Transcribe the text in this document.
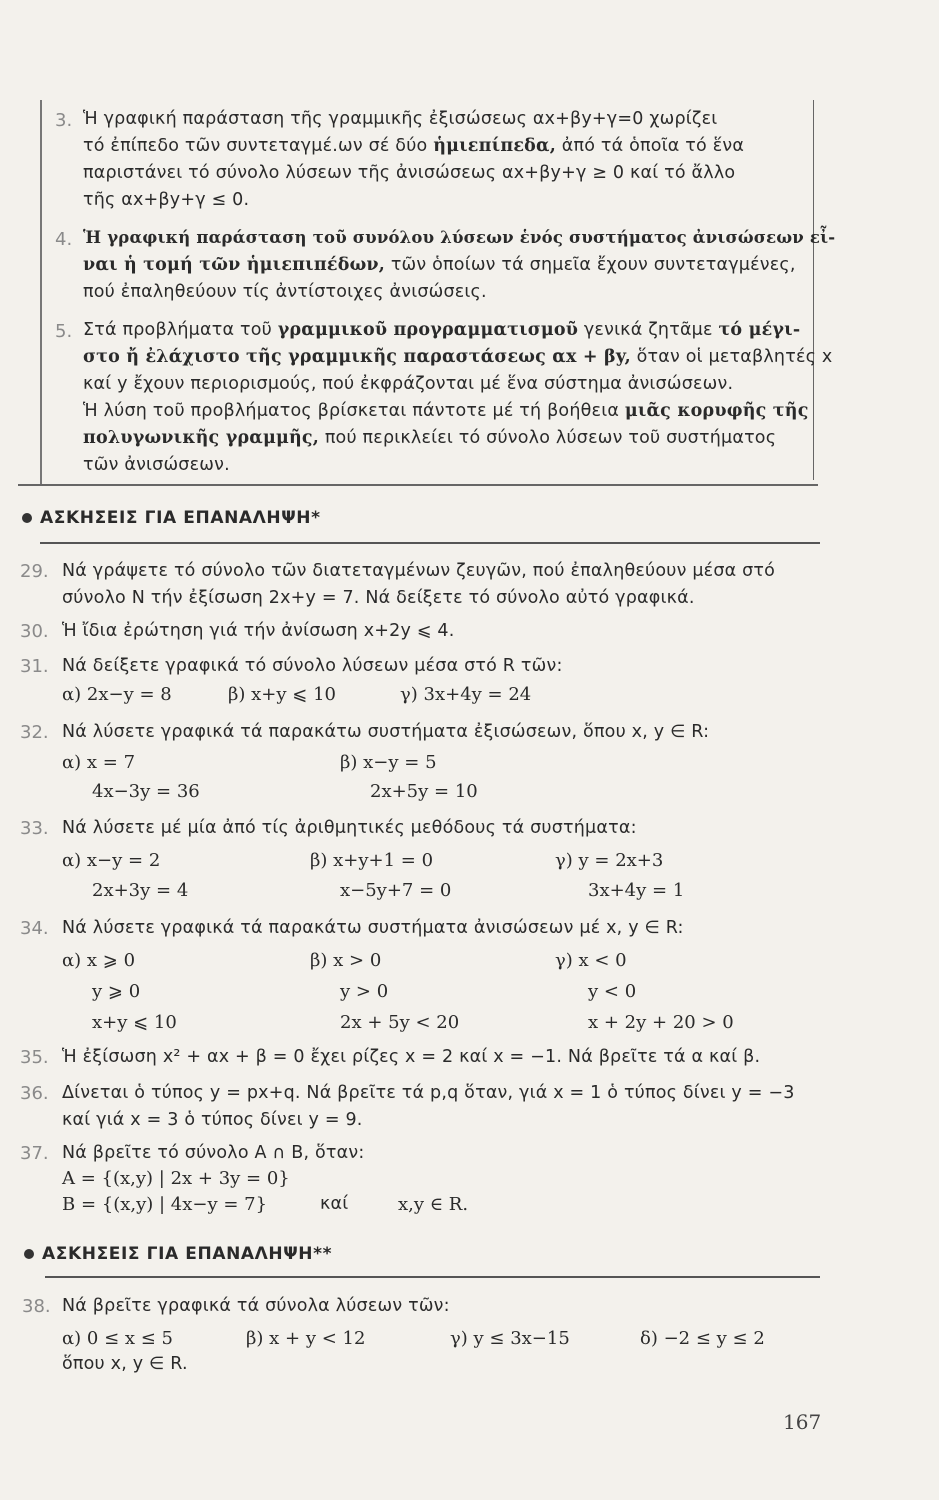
3. Ἡ γραφική παράσταση τῆς γραμμικῆς ἐξισώσεως αx+βy+γ=0 χωρίζει
τό ἐπίπεδο τῶν συντεταγμέ.ων σέ δύο ἡμιεπίπεδα, ἀπό τά ὁποῖα τό ἕνα
παριστάνει τό σύνολο λύσεων τῆς ἀνισώσεως αx+βy+γ ≥ 0 καί τό ἄλλο
τῆς αx+βy+γ ≤ 0.
4. Ἡ γραφική παράσταση τοῦ συνόλου λύσεων ἑνός συστήματος ἀνισώσεων εἶ-
ναι ἡ τομή τῶν ἡμιεπιπέδων, τῶν ὁποίων τά σημεῖα ἔχουν συντεταγμένες,
πού ἐπαληθεύουν τίς ἀντίστοιχες ἀνισώσεις.
5. Στά προβλήματα τοῦ γραμμικοῦ προγραμματισμοῦ γενικά ζητᾶμε τό μέγι-
στο ἤ ἐλάχιστο τῆς γραμμικῆς παραστάσεως αx + βy, ὅταν οἱ μεταβλητές x
καί y ἔχουν περιορισμούς, πού ἐκφράζονται μέ ἕνα σύστημα ἀνισώσεων.
Ἡ λύση τοῦ προβλήματος βρίσκεται πάντοτε μέ τή βοήθεια μιᾶς κορυφῆς τῆς
πολυγωνικῆς γραμμῆς, πού περικλείει τό σύνολο λύσεων τοῦ συστήματος
τῶν ἀνισώσεων.
ΑΣΚΗΣΕΙΣ ΓΙΑ ΕΠΑΝΑΛΗΨΗ*
29. Νά γράψετε τό σύνολο τῶν διατεταγμένων ζευγῶν, πού ἐπαληθεύουν μέσα στό
σύνολο N τήν ἐξίσωση 2x+y = 7. Νά δείξετε τό σύνολο αὐτό γραφικά.
30. Ἡ ἴδια ἐρώτηση γιά τήν ἀνίσωση x+2y ⩽ 4.
31. Νά δείξετε γραφικά τό σύνολο λύσεων μέσα στό R τῶν:
α) 2x−y = 8	β) x+y ⩽ 10	γ) 3x+4y = 24
32. Νά λύσετε γραφικά τά παρακάτω συστήματα ἐξισώσεων, ὅπου x, y ∈ R:
α) x = 7
4x−3y = 36
β) x−y = 5
2x+5y = 10
33. Νά λύσετε μέ μία ἀπό τίς ἀριθμητικές μεθόδους τά συστήματα:
α) x−y = 2
2x+3y = 4
β) x+y+1 = 0
x−5y+7 = 0
γ) y = 2x+3
3x+4y = 1
34. Νά λύσετε γραφικά τά παρακάτω συστήματα ἀνισώσεων μέ x, y ∈ R:
α) x ⩾ 0
y ⩾ 0
x+y ⩽ 10
β) x > 0
y > 0
2x + 5y < 20
γ) x < 0
y < 0
x + 2y + 20 > 0
35. Ἡ ἐξίσωση x² + αx + β = 0 ἔχει ρίζες x = 2 καί x = −1. Νά βρεῖτε τά α καί β.
36. Δίνεται ὁ τύπος y = px+q. Νά βρεῖτε τά p,q ὅταν, γιά x = 1 ὁ τύπος δίνει y = −3
καί γιά x = 3 ὁ τύπος δίνει y = 9.
37. Νά βρεῖτε τό σύνολο A ∩ B, ὅταν:
A = {(x,y) | 2x + 3y = 0}
B = {(x,y) | 4x−y = 7}	καί	x,y ∈ R.
ΑΣΚΗΣΕΙΣ ΓΙΑ ΕΠΑΝΑΛΗΨΗ**
38. Νά βρεῖτε γραφικά τά σύνολα λύσεων τῶν:
α) 0 ≤ x ≤ 5	β) x + y < 12	γ) y ≤ 3x−15	δ) −2 ≤ y ≤ 2
ὅπου x, y ∈ R.
167
